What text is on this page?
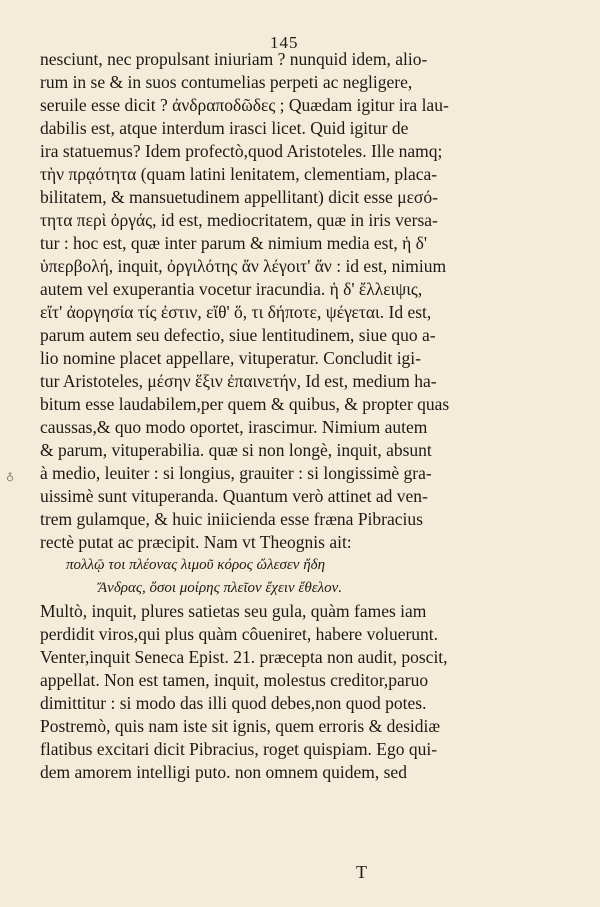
145
♁
nesciunt, nec propulsant iniuriam ? nunquid idem, alio-
rum in se & in suos contumelias perpeti ac negligere,
seruile esse dicit ? ἀνδραποδῶδες ; Quædam igitur ira lau-
dabilis est, atque interdum irasci licet. Quid igitur de
ira statuemus? Idem profectò,quod Aristoteles. Ille namq;
τὴν πρᾳότητα (quam latini lenitatem, clementiam, placa-
bilitatem, & mansuetudinem appellitant) dicit esse μεσό-
τητα περὶ ὀργάς, id est, mediocritatem, quæ in iris versa-
tur : hoc est, quæ inter parum & nimium media est, ἡ δ'
ὑπερβολή, inquit, ὀργιλότης ἄν λέγοιτ' ἄν : id est, nimium
autem vel exuperantia vocetur iracundia. ἡ δ' ἔλλειψις,
εἴτ' ἀοργησία τίς ἐστιν, εἴθ' ὅ, τι δήποτε, ψέγεται. Id est,
parum autem seu defectio, siue lentitudinem, siue quo a-
lio nomine placet appellare, vituperatur. Concludit igi-
tur Aristoteles, μέσην ἕξιν ἐπαινετήν, Id est, medium ha-
bitum esse laudabilem,per quem & quibus, & propter quas
caussas,& quo modo oportet, irascimur. Nimium autem
& parum, vituperabilia. quæ si non longè, inquit, absunt
à medio, leuiter : si longius, grauiter : si longissimè gra-
uissimè sunt vituperanda. Quantum verò attinet ad ven-
trem gulamque, & huic iniicienda esse fræna Pibracius
rectè putat ac præcipit. Nam vt Theognis ait:
πολλῷ τοι πλέονας λιμοῦ κόρος ὤλεσεν ἤδη
Ἄνδρας, ὅσοι μοίρης πλεῖον ἔχειν ἔθελον.
Multò, inquit, plures satietas seu gula, quàm fames iam
perdidit viros,qui plus quàm côueniret, habere voluerunt.
Venter,inquit Seneca Epist. 21. præcepta non audit, poscit,
appellat. Non est tamen, inquit, molestus creditor,paruo
dimittitur : si modo das illi quod debes,non quod potes.
Postremò, quis nam iste sit ignis, quem erroris & desidiæ
flatibus excitari dicit Pibracius, roget quispiam. Ego qui-
dem amorem intelligi puto. non omnem quidem, sed
T
